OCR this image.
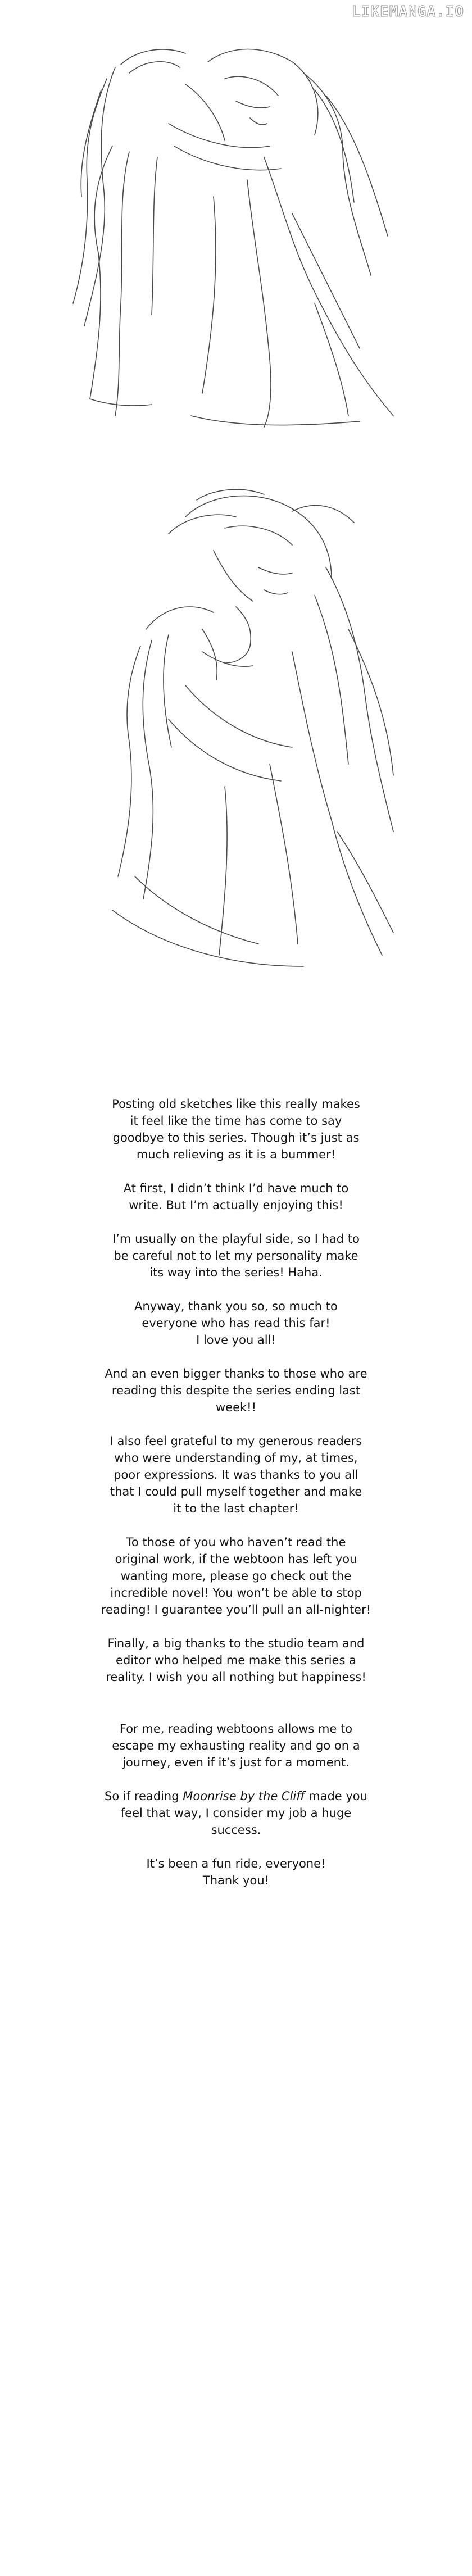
LIKEMANGA.IO

Posting old sketches like this really makes
it feel like the time has come to say
goodbye to this series. Though it’s just as
much relieving as it is a bummer!

At first, I didn’t think I’d have much to
write. But I’m actually enjoying this!

I’m usually on the playful side, so I had to
be careful not to let my personality make
its way into the series! Haha.

Anyway, thank you so, so much to
everyone who has read this far!
I love you all!

And an even bigger thanks to those who are
reading this despite the series ending last
week!!

I also feel grateful to my generous readers
who were understanding of my, at times,
poor expressions. It was thanks to you all
that I could pull myself together and make
it to the last chapter!

To those of you who haven’t read the
original work, if the webtoon has left you
wanting more, please go check out the
incredible novel! You won’t be able to stop
reading! I guarantee you’ll pull an all-nighter!

Finally, a big thanks to the studio team and
editor who helped me make this series a
reality. I wish you all nothing but happiness!

For me, reading webtoons allows me to
escape my exhausting reality and go on a
journey, even if it’s just for a moment.

So if reading Moonrise by the Cliff made you
feel that way, I consider my job a huge
success.

It’s been a fun ride, everyone!
Thank you!
